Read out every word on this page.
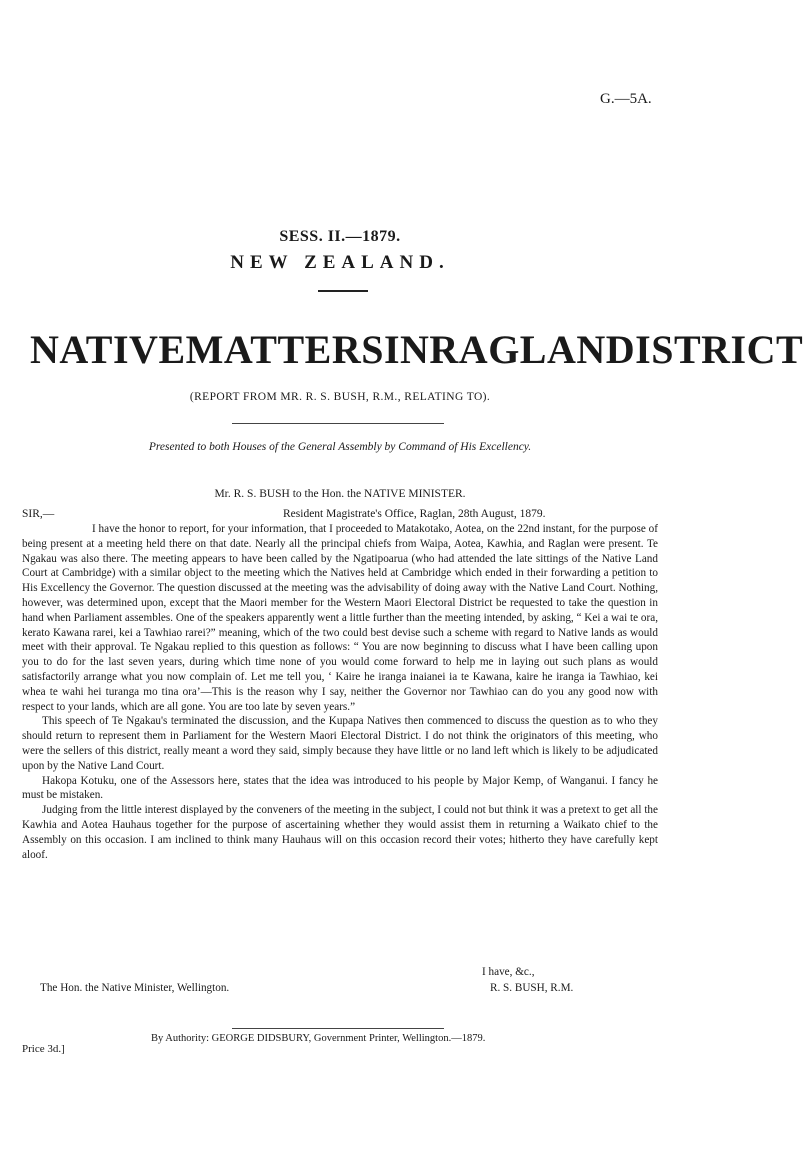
G.—5A.
SESS. II.—1879.
NEW ZEALAND.
NATIVE MATTERS IN RAGLAN DISTRICT
(REPORT FROM MR. R. S. BUSH, R.M., RELATING TO).
Presented to both Houses of the General Assembly by Command of His Excellency.
Mr. R. S. BUSH to the Hon. the NATIVE MINISTER.
SIR,—	Resident Magistrate's Office, Raglan, 28th August, 1879.

I have the honor to report, for your information, that I proceeded to Matakotako, Aotea, on the 22nd instant, for the purpose of being present at a meeting held there on that date. Nearly all the principal chiefs from Waipa, Aotea, Kawhia, and Raglan were present. Te Ngakau was also there. The meeting appears to have been called by the Ngatipoarua (who had attended the late sittings of the Native Land Court at Cambridge) with a similar object to the meeting which the Natives held at Cambridge which ended in their forwarding a petition to His Excellency the Governor. The question discussed at the meeting was the advisability of doing away with the Native Land Court. Nothing, however, was determined upon, except that the Maori member for the Western Maori Electoral District be requested to take the question in hand when Parliament assembles. One of the speakers apparently went a little further than the meeting intended, by asking, “ Kei a wai te ora, kerato Kawana rarei, kei a Tawhiao rarei?” meaning, which of the two could best devise such a scheme with regard to Native lands as would meet with their approval. Te Ngakau replied to this question as follows: “ You are now beginning to discuss what I have been calling upon you to do for the last seven years, during which time none of you would come forward to help me in laying out such plans as would satisfactorily arrange what you now complain of. Let me tell you, ‘ Kaire he iranga inaianei ia te Kawana, kaire he iranga ia Tawhiao, kei whea te wahi hei turanga mo tina ora’—This is the reason why I say, neither the Governor nor Tawhiao can do you any good now with respect to your lands, which are all gone. You are too late by seven years.”

This speech of Te Ngakau's terminated the discussion, and the Kupapa Natives then commenced to discuss the question as to who they should return to represent them in Parliament for the Western Maori Electoral District. I do not think the originators of this meeting, who were the sellers of this district, really meant a word they said, simply because they have little or no land left which is likely to be adjudicated upon by the Native Land Court.

Hakopa Kotuku, one of the Assessors here, states that the idea was introduced to his people by Major Kemp, of Wanganui. I fancy he must be mistaken.

Judging from the little interest displayed by the conveners of the meeting in the subject, I could not but think it was a pretext to get all the Kawhia and Aotea Hauhaus together for the purpose of ascertaining whether they would assist them in returning a Waikato chief to the Assembly on this occasion. I am inclined to think many Hauhaus will on this occasion record their votes; hitherto they have carefully kept aloof.

I have, &c.,
The Hon. the Native Minister, Wellington.	R. S. BUSH, R.M.
By Authority: GEORGE DIDSBURY, Government Printer, Wellington.—1879.
Price 3d.]
